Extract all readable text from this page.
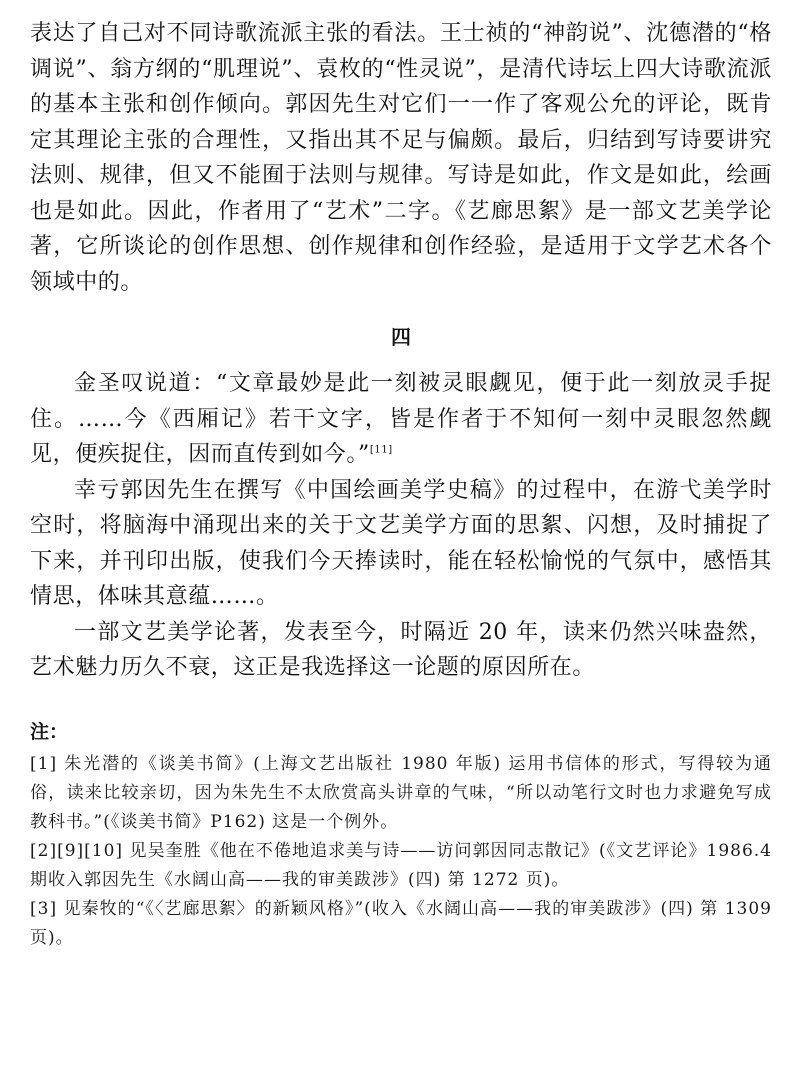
表达了自己对不同诗歌流派主张的看法。王士祯的“神韵说”、沈德潜的“格调说”、翁方纲的“肌理说”、袁枚的“性灵说”，是清代诗坛上四大诗歌流派的基本主张和创作倾向。郭因先生对它们一一作了客观公允的评论，既肯定其理论主张的合理性，又指出其不足与偏颇。最后，归结到写诗要讲究法则、规律，但又不能囿于法则与规律。写诗是如此，作文是如此，绘画也是如此。因此，作者用了“艺术”二字。《艺廊思絮》是一部文艺美学论著，它所谈论的创作思想、创作规律和创作经验，是适用于文学艺术各个领域中的。

四

金圣叹说道：“文章最妙是此一刻被灵眼觑见，便于此一刻放灵手捉住。……今《西厢记》若干文字，皆是作者于不知何一刻中灵眼忽然觑见，便疾捉住，因而直传到如今。”[11]

幸亏郭因先生在撰写《中国绘画美学史稿》的过程中，在游弋美学时空时，将脑海中涌现出来的关于文艺美学方面的思絮、闪想，及时捕捉了下来，并刊印出版，使我们今天捧读时，能在轻松愉悦的气氛中，感悟其情思，体味其意蕴……。

一部文艺美学论著，发表至今，时隔近 20 年，读来仍然兴味盎然，艺术魅力历久不衰，这正是我选择这一论题的原因所在。

注：

[1] 朱光潜的《谈美书简》(上海文艺出版社 1980 年版) 运用书信体的形式，写得较为通俗，读来比较亲切，因为朱先生不太欣赏高头讲章的气味，“所以动笔行文时也力求避免写成教科书。”(《谈美书简》P162) 这是一个例外。

[2][9][10] 见吴奎胜《他在不倦地追求美与诗——访问郭因同志散记》(《文艺评论》1986.4 期收入郭因先生《水阔山高——我的审美跋涉》(四) 第 1272 页)。

[3] 见秦牧的“《〈艺廊思絮〉的新颖风格》”(收入《水阔山高——我的审美跋涉》(四) 第 1309 页)。
